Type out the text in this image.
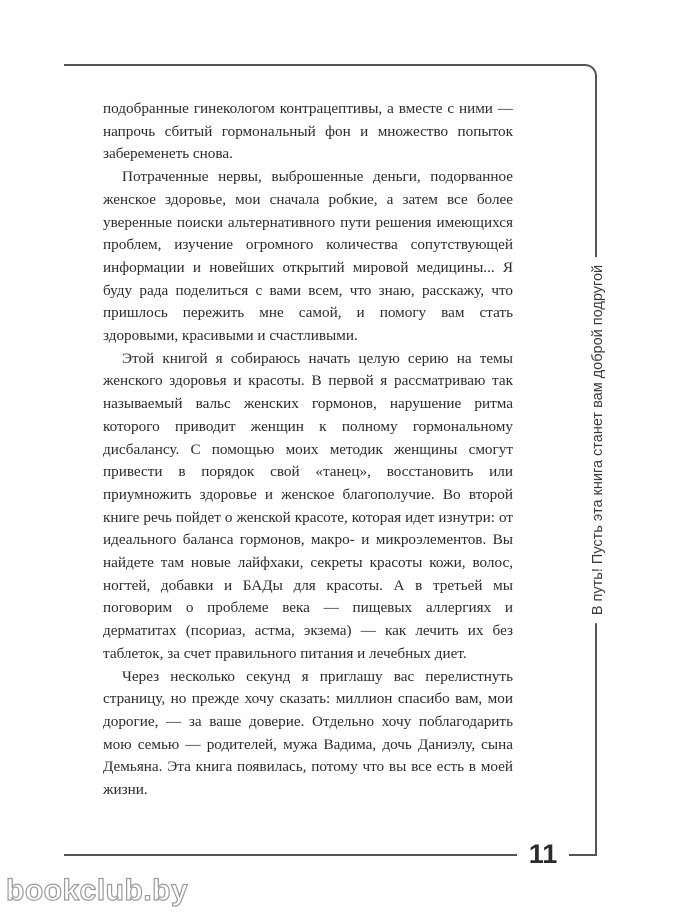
подобранные гинекологом контрацептивы, а вместе с ними — напрочь сбитый гормональный фон и множество попыток забеременеть снова.

Потраченные нервы, выброшенные деньги, подорванное женское здоровье, мои сначала робкие, а затем все более уверенные поиски альтернативного пути решения имеющихся проблем, изучение огромного количества сопутствующей информации и новейших открытий мировой медицины... Я буду рада поделиться с вами всем, что знаю, расскажу, что пришлось пережить мне самой, и помогу вам стать здоровыми, красивыми и счастливыми.

Этой книгой я собираюсь начать целую серию на темы женского здоровья и красоты. В первой я рассматриваю так называемый вальс женских гормонов, нарушение ритма которого приводит женщин к полному гормональному дисбалансу. С помощью моих методик женщины смогут привести в порядок свой «танец», восстановить или приумножить здоровье и женское благополучие. Во второй книге речь пойдет о женской красоте, которая идет изнутри: от идеального баланса гормонов, макро- и микроэлементов. Вы найдете там новые лайфхаки, секреты красоты кожи, волос, ногтей, добавки и БАДы для красоты. А в третьей мы поговорим о проблеме века — пищевых аллергиях и дерматитах (псориаз, астма, экзема) — как лечить их без таблеток, за счет правильного питания и лечебных диет.

Через несколько секунд я приглашу вас перелистнуть страницу, но прежде хочу сказать: миллион спасибо вам, мои дорогие, — за ваше доверие. Отдельно хочу поблагодарить мою семью — родителей, мужа Вадима, дочь Даниэлу, сына Демьяна. Эта книга появилась, потому что вы все есть в моей жизни.

В путь! Пусть эта книга станет вам доброй подругой
11
bookclub.by
